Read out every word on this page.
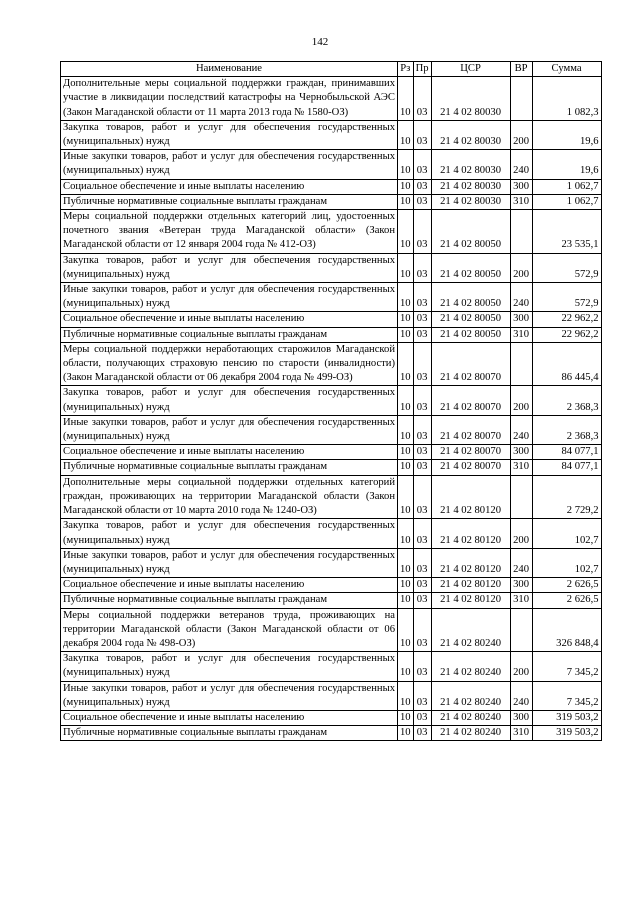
142
Наименование	Рз	Пр	ЦСР	ВР	Сумма
Дополнительные меры социальной поддержки граждан, принимавших участие в ликвидации последствий катастрофы на Чернобыльской АЭС (Закон Магаданской области от 11 марта 2013 года № 1580-ОЗ)	10	03	21 4 02 80030		1 082,3
Закупка товаров, работ и услуг для обеспечения государственных (муниципальных) нужд	10	03	21 4 02 80030	200	19,6
Иные закупки товаров, работ и услуг для обеспечения государственных (муниципальных) нужд	10	03	21 4 02 80030	240	19,6
Социальное обеспечение и иные выплаты населению	10	03	21 4 02 80030	300	1 062,7
Публичные нормативные социальные выплаты гражданам	10	03	21 4 02 80030	310	1 062,7
Меры социальной поддержки отдельных категорий лиц, удостоенных почетного звания «Ветеран труда Магаданской области» (Закон Магаданской области от 12 января 2004 года № 412-ОЗ)	10	03	21 4 02 80050		23 535,1
Закупка товаров, работ и услуг для обеспечения государственных (муниципальных) нужд	10	03	21 4 02 80050	200	572,9
Иные закупки товаров, работ и услуг для обеспечения государственных (муниципальных) нужд	10	03	21 4 02 80050	240	572,9
Социальное обеспечение и иные выплаты населению	10	03	21 4 02 80050	300	22 962,2
Публичные нормативные социальные выплаты гражданам	10	03	21 4 02 80050	310	22 962,2
Меры социальной поддержки неработающих старожилов Магаданской области, получающих страховую пенсию по старости (инвалидности) (Закон Магаданской области от 06 декабря 2004 года № 499-ОЗ)	10	03	21 4 02 80070		86 445,4
Закупка товаров, работ и услуг для обеспечения государственных (муниципальных) нужд	10	03	21 4 02 80070	200	2 368,3
Иные закупки товаров, работ и услуг для обеспечения государственных (муниципальных) нужд	10	03	21 4 02 80070	240	2 368,3
Социальное обеспечение и иные выплаты населению	10	03	21 4 02 80070	300	84 077,1
Публичные нормативные социальные выплаты гражданам	10	03	21 4 02 80070	310	84 077,1
Дополнительные меры социальной поддержки отдельных категорий граждан, проживающих на территории Магаданской области (Закон Магаданской области от 10 марта 2010 года № 1240-ОЗ)	10	03	21 4 02 80120		2 729,2
Закупка товаров, работ и услуг для обеспечения государственных (муниципальных) нужд	10	03	21 4 02 80120	200	102,7
Иные закупки товаров, работ и услуг для обеспечения государственных (муниципальных) нужд	10	03	21 4 02 80120	240	102,7
Социальное обеспечение и иные выплаты населению	10	03	21 4 02 80120	300	2 626,5
Публичные нормативные социальные выплаты гражданам	10	03	21 4 02 80120	310	2 626,5
Меры социальной поддержки ветеранов труда, проживающих на территории Магаданской области (Закон Магаданской области от 06 декабря 2004 года № 498-ОЗ)	10	03	21 4 02 80240		326 848,4
Закупка товаров, работ и услуг для обеспечения государственных (муниципальных) нужд	10	03	21 4 02 80240	200	7 345,2
Иные закупки товаров, работ и услуг для обеспечения государственных (муниципальных) нужд	10	03	21 4 02 80240	240	7 345,2
Социальное обеспечение и иные выплаты населению	10	03	21 4 02 80240	300	319 503,2
Публичные нормативные социальные выплаты гражданам	10	03	21 4 02 80240	310	319 503,2
